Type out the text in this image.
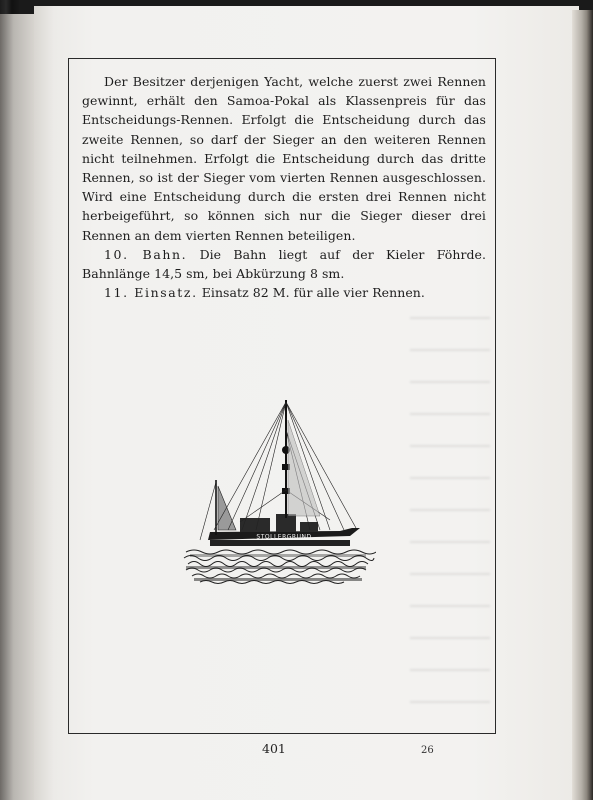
Der Besitzer derjenigen Yacht, welche zuerst zwei Rennen gewinnt, erhält den Samoa-Pokal als Klassenpreis für das Entscheidungs-Rennen. Erfolgt die Entscheidung durch das zweite Rennen, so darf der Sieger an den weiteren Rennen nicht teilnehmen. Erfolgt die Entscheidung durch das dritte Rennen, so ist der Sieger vom vierten Rennen ausgeschlossen. Wird eine Entscheidung durch die ersten drei Rennen nicht herbeigeführt, so können sich nur die Sieger dieser drei Rennen an dem vierten Rennen beteiligen.

10. Bahn. Die Bahn liegt auf der Kieler Föhrde. Bahnlänge 14,5 sm, bei Abkürzung 8 sm.

11. Einsatz. Einsatz 82 M. für alle vier Rennen.

STOLLERGRUND
401	26
